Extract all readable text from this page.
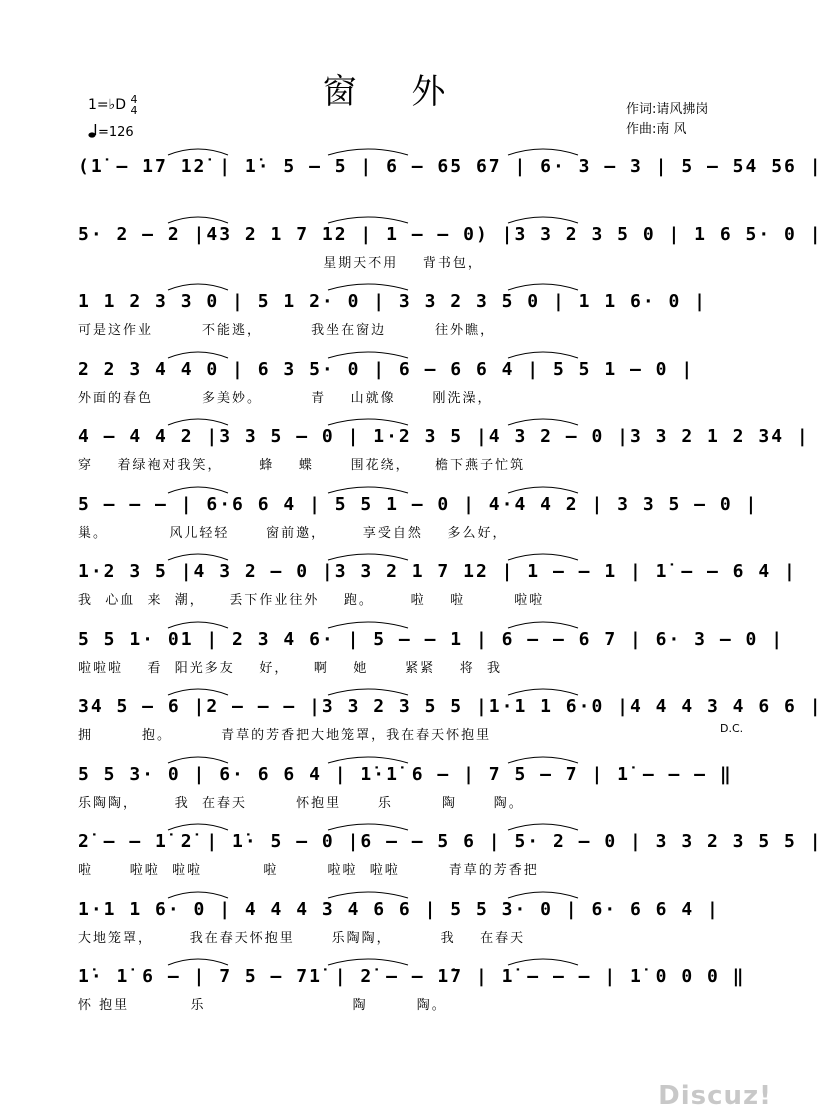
窗 外
1=♭D 4
4
=126
作词:请风拂岗
作曲:南 风
(1̇ – 17 12̇ | 1̇· 5 – 5 | 6 – 65 67 | 6· 3 – 3 | 5 – 54 56 |
5· 2 – 2 |43 2 1 7 12 | 1 – – 0) |3 3 2 3 5 0 | 1 6 5· 0 |
星期天不用    背书包，
1 1 2 3 3 0 | 5 1 2· 0 | 3 3 2 3 5 0 | 1 1 6· 0 |
可是这作业        不能逃，        我坐在窗边        往外瞧，
2 2 3 4 4 0 | 6 3 5· 0 | 6 – 6 6 4 | 5 5 1 – 0 |
外面的春色        多美妙。        青    山就像      刚洗澡，
4 – 4 4 2 |3 3 5 – 0 | 1·2 3 5 |4 3 2 – 0 |3 3 2 1 2 34 |
穿    着绿袍对我笑，      蜂    蝶      围花绕，    檐下燕子忙筑
5 – – – | 6·6 6 4 | 5 5 1 – 0 | 4·4 4 2 | 3 3 5 – 0 |
巢。          风儿轻轻      窗前邀，      享受自然    多么好，
1·2 3 5 |4 3 2 – 0 |3 3 2 1 7 12 | 1 – – 1 | 1̇ – – 6 4 |
我  心血  来  潮，    丢下作业往外    跑。      啦    啦        啦啦
5 5 1· 01 | 2 3 4 6· | 5 – – 1 | 6 – – 6 7 | 6· 3 – 0 |
啦啦啦    看  阳光多友    好，    啊    她      紧紧    将  我
34 5 – 6 |2 – – – |3 3 2 3 5 5 |1·1 1 6·0 |4 4 4 3 4 6 6 |
拥        抱。        青草的芳香把大地笼罩，我在春天怀抱里
5 5 3· 0 | 6· 6 6 4 | 1̇·1̇ 6 – | 7 5 – 7 | 1̇ – – – ‖
乐陶陶，      我  在春天        怀抱里      乐        陶      陶。
2̇ – – 1̇ 2̇ | 1̇· 5 – 0 |6 – – 5 6 | 5· 2 – 0 | 3 3 2 3 5 5 |
啦      啦啦  啦啦          啦        啦啦  啦啦        青草的芳香把
1·1 1 6· 0 | 4 4 4 3 4 6 6 | 5 5 3· 0 | 6· 6 6 4 |
大地笼罩，      我在春天怀抱里      乐陶陶，        我    在春天
1̇· 1̇ 6 – | 7 5 – 71̇ | 2̇ – – 1̇7 | 1̇ – – – | 1̇ 0 0 0 ‖
怀 抱里          乐                        陶        陶。
D.C.
Discuz!
